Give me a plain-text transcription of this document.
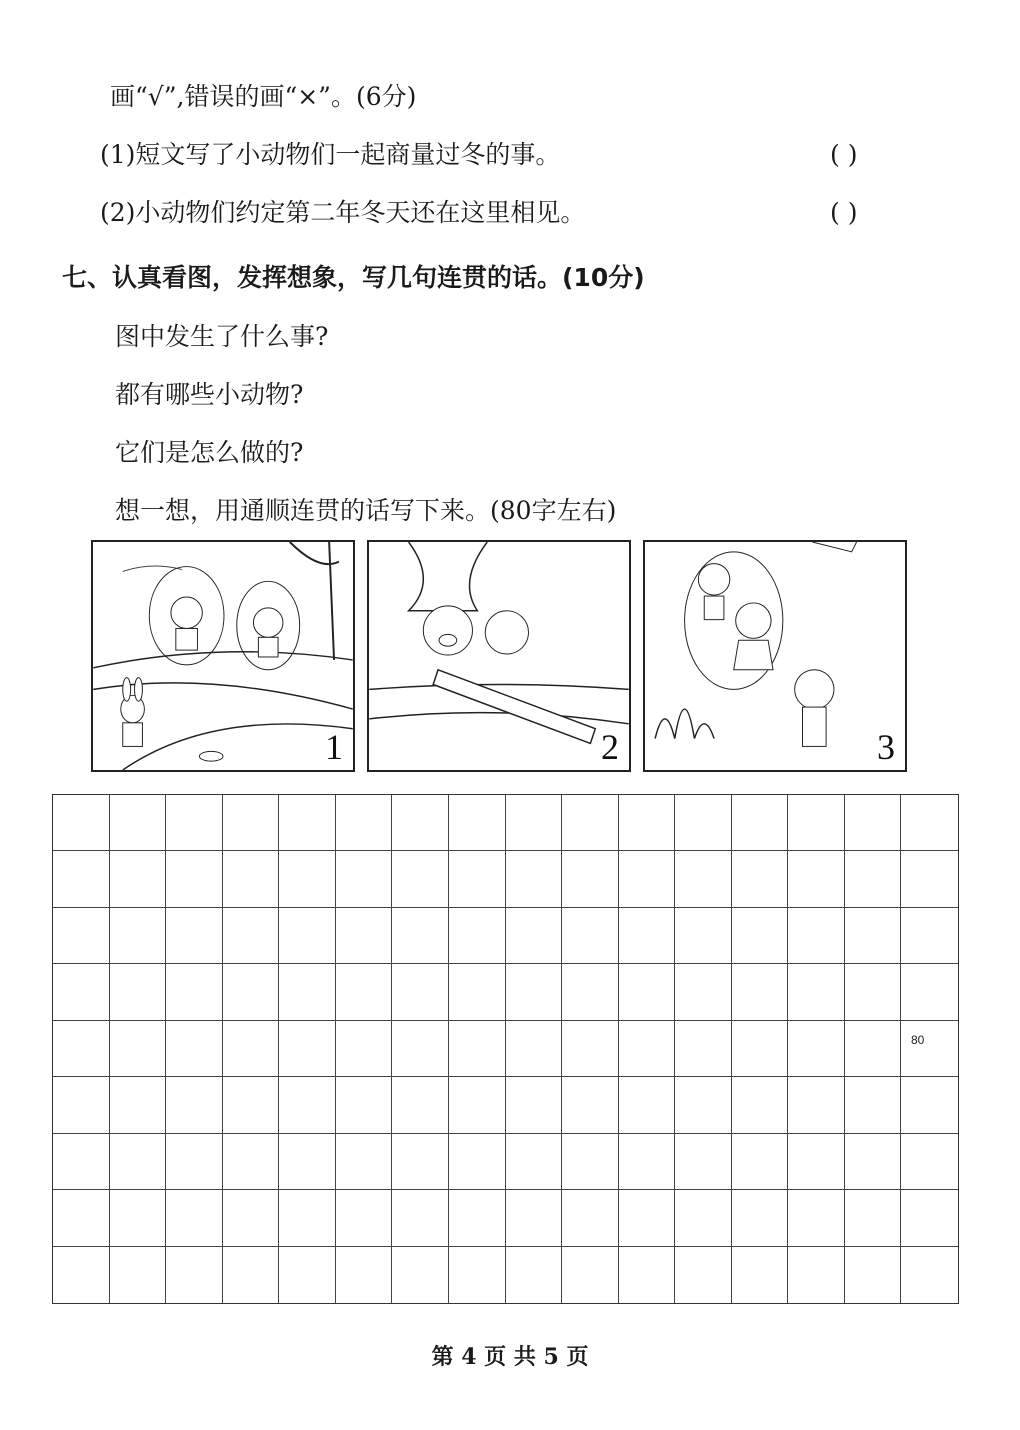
画“√”,错误的画“×”。(6分)
(1)短文写了小动物们一起商量过冬的事。	( )
(2)小动物们约定第二年冬天还在这里相见。	( )
七、认真看图，发挥想象，写几句连贯的话。(10分)
图中发生了什么事?
都有哪些小动物?
它们是怎么做的?
想一想，用通顺连贯的话写下来。(80字左右)
1	2	3
80
第 4 页 共 5 页
